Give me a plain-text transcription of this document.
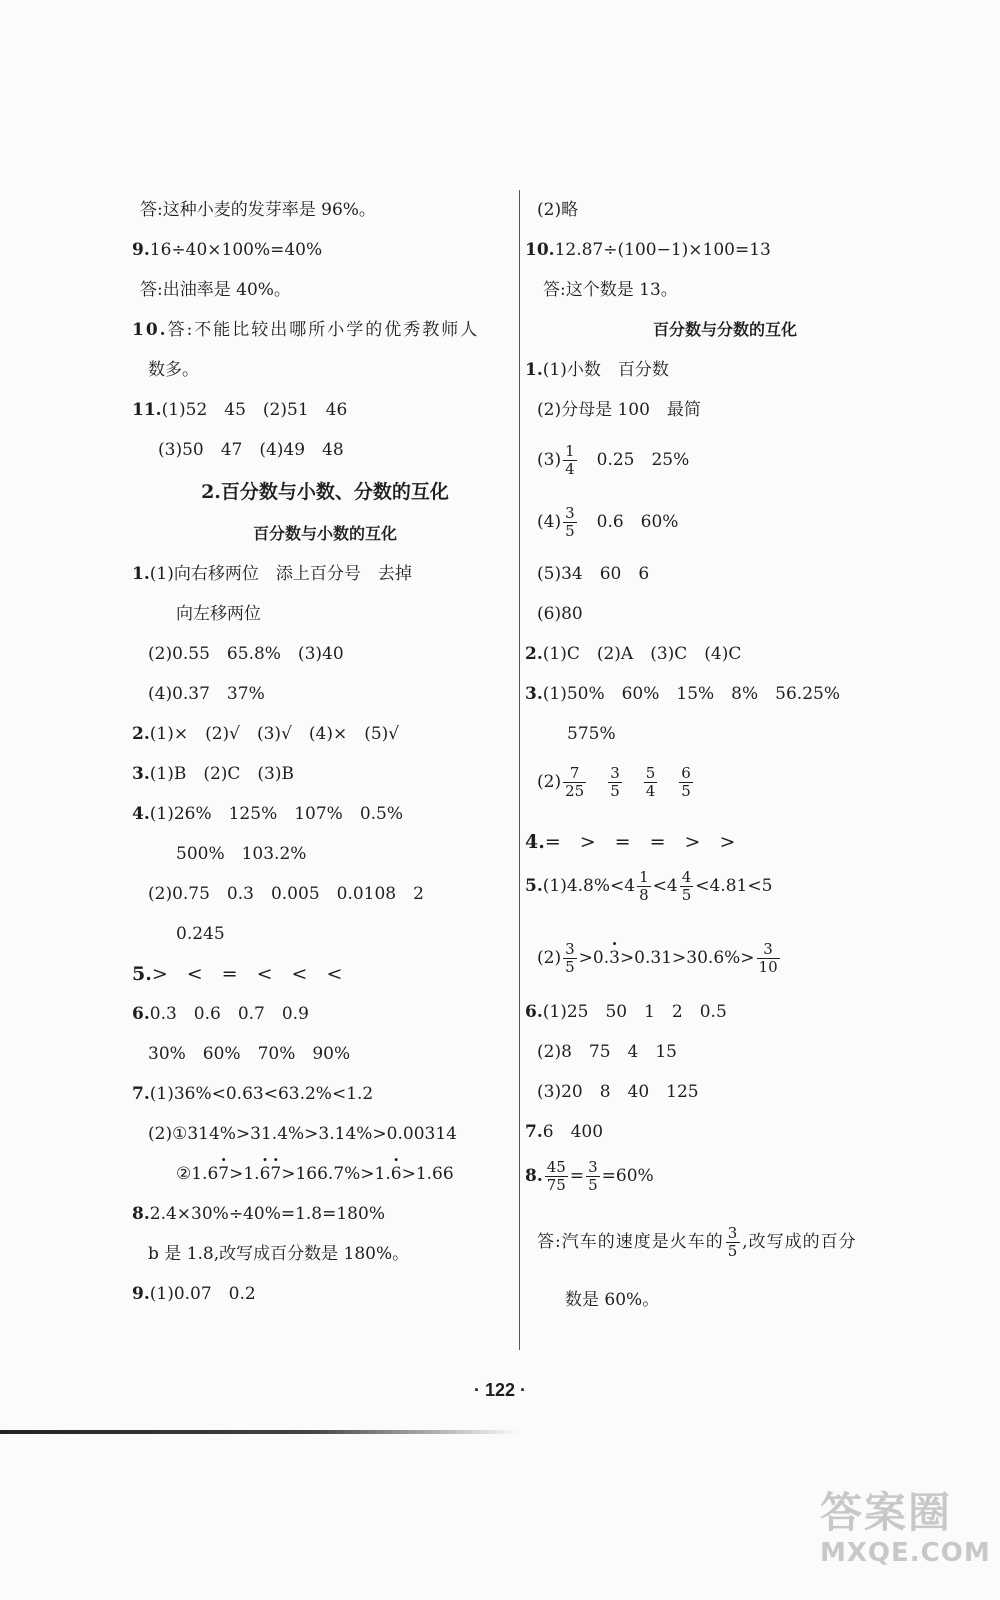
答:这种小麦的发芽率是 96%。
9.16÷40×100%=40%
答:出油率是 40%。
10.答:不能比较出哪所小学的优秀教师人
数多。
11.(1)52　45　(2)51　46
(3)50　47　(4)49　48
2.百分数与小数、分数的互化
百分数与小数的互化
1.(1)向右移两位　添上百分号　去掉
向左移两位
(2)0.55　65.8%　(3)40
(4)0.37　37%
2.(1)×　(2)√　(3)√　(4)×　(5)√
3.(1)B　(2)C　(3)B
4.(1)26%　125%　107%　0.5%
500%　103.2%
(2)0.75　0.3　0.005　0.0108　2
0.245
5.>　<　=　<　<　<
6.0.3　0.6　0.7　0.9
30%　60%　70%　90%
7.(1)36%<0.63<63.2%<1.2
(2)①314%>31.4%>3.14%>0.00314
②1.67 ·>1.6 ·7 ·>166.7%>1.6 ·>1.66
8.2.4×30%÷40%=1.8=180%
b 是 1.8,改写成百分数是 180%。
9.(1)0.07　0.2
(2)略
10.12.87÷(100−1)×100=13
答:这个数是 13。
百分数与分数的互化
1.(1)小数　百分数
(2)分母是 100　最简
$(3) \frac{1}{4} 0.25$　25%
$(4) \frac{3}{5} 0.6$　60%
(5)34　60　6
(6)80
2.(1)C　(2)A　(3)C　(4)C
3.(1)50%　60%　15%　8%　56.25%
575%
$(2) \frac{7}{25} \frac{3}{5} \frac{5}{4} \frac{6}{5}$
4.=　>　=　=　>　>
$5.(1)4.8\%<4 \frac{1}{8} <4 \frac{4}{5} <4.81<5$
$(2) \frac{3}{5} >0.3 \cdot>0.31>30.6\%> \frac{3}{10}$
6.(1)25　50　1　2　0.5
(2)8　75　4　15
(3)20　8　40　125
7.6　400
8. $\frac{45}{75} = \frac{3}{5} =60\%$
答:汽车的速度是火车的 $\frac{3}{5}$ ,改写成的百分
数是 60%。
· 122 ·
答案圈
MXQE.COM
